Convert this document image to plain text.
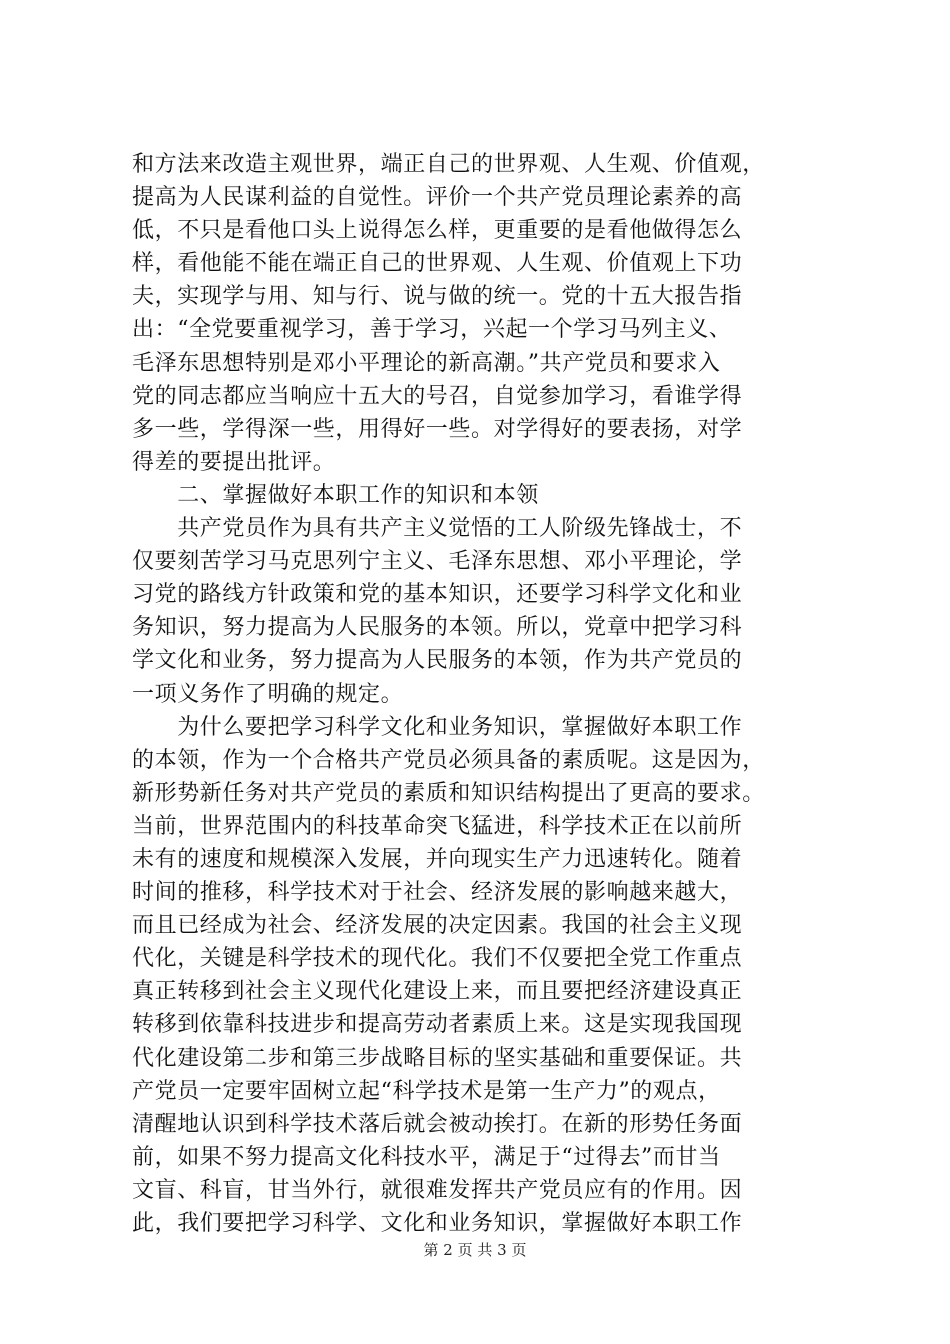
和方法来改造主观世界，端正自己的世界观、人生观、价值观，
提高为人民谋利益的自觉性。评价一个共产党员理论素养的高
低，不只是看他口头上说得怎么样，更重要的是看他做得怎么
样，看他能不能在端正自己的世界观、人生观、价值观上下功
夫，实现学与用、知与行、说与做的统一。党的十五大报告指
出：“全党要重视学习，善于学习，兴起一个学习马列主义、
毛泽东思想特别是邓小平理论的新高潮。”共产党员和要求入
党的同志都应当响应十五大的号召，自觉参加学习，看谁学得
多一些，学得深一些，用得好一些。对学得好的要表扬，对学
得差的要提出批评。
　　二、掌握做好本职工作的知识和本领
　　共产党员作为具有共产主义觉悟的工人阶级先锋战士，不
仅要刻苦学习马克思列宁主义、毛泽东思想、邓小平理论，学
习党的路线方针政策和党的基本知识，还要学习科学文化和业
务知识，努力提高为人民服务的本领。所以，党章中把学习科
学文化和业务，努力提高为人民服务的本领，作为共产党员的
一项义务作了明确的规定。
　　为什么要把学习科学文化和业务知识，掌握做好本职工作
的本领，作为一个合格共产党员必须具备的素质呢。这是因为，
新形势新任务对共产党员的素质和知识结构提出了更高的要求。
当前，世界范围内的科技革命突飞猛进，科学技术正在以前所
未有的速度和规模深入发展，并向现实生产力迅速转化。随着
时间的推移，科学技术对于社会、经济发展的影响越来越大，
而且已经成为社会、经济发展的决定因素。我国的社会主义现
代化，关键是科学技术的现代化。我们不仅要把全党工作重点
真正转移到社会主义现代化建设上来，而且要把经济建设真正
转移到依靠科技进步和提高劳动者素质上来。这是实现我国现
代化建设第二步和第三步战略目标的坚实基础和重要保证。共
产党员一定要牢固树立起“科学技术是第一生产力”的观点，
清醒地认识到科学技术落后就会被动挨打。在新的形势任务面
前，如果不努力提高文化科技水平，满足于“过得去”而甘当
文盲、科盲，甘当外行，就很难发挥共产党员应有的作用。因
此，我们要把学习科学、文化和业务知识，掌握做好本职工作
第 2 页 共 3 页
